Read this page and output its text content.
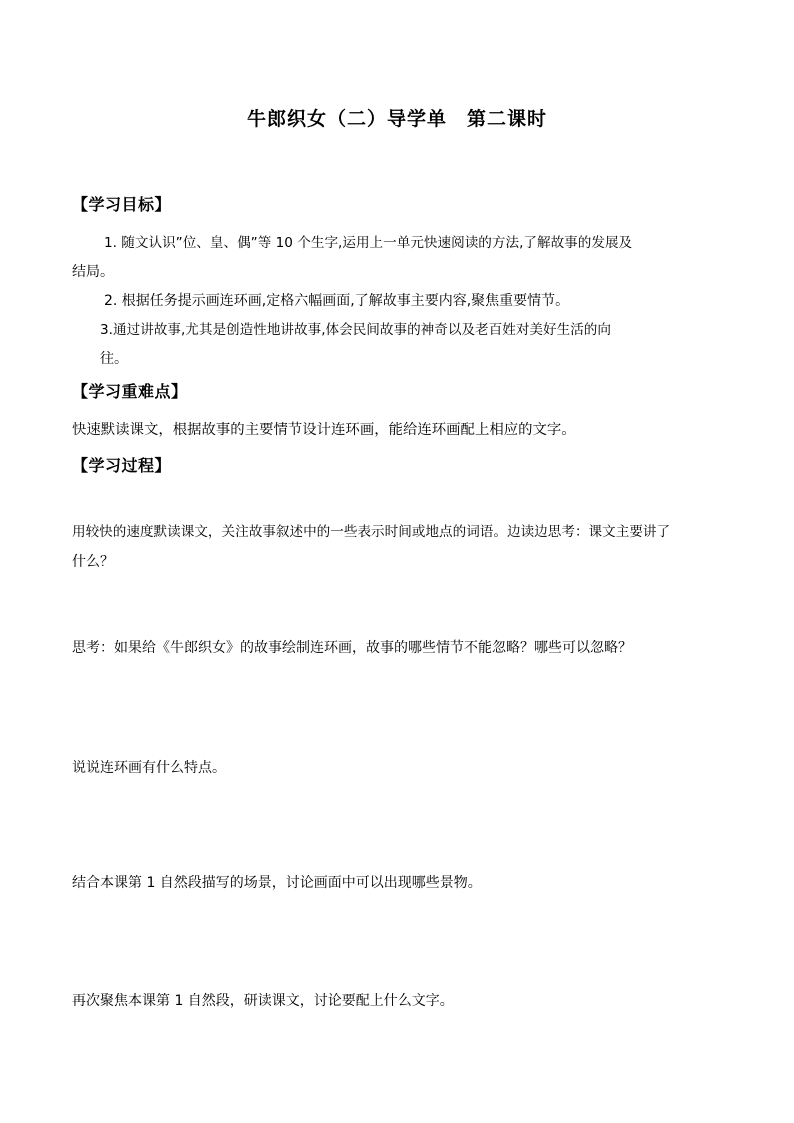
牛郎织女（二）导学单　第二课时
【学习目标】
1. 随文认识”位、皇、偶”等 10 个生字,运用上一单元快速阅读的方法,了解故事的发展及
结局。
2. 根据任务提示画连环画,定格六幅画面,了解故事主要内容,聚焦重要情节。
3.通过讲故事,尤其是创造性地讲故事,体会民间故事的神奇以及老百姓对美好生活的向
往。
【学习重难点】
快速默读课文，根据故事的主要情节设计连环画，能给连环画配上相应的文字。
【学习过程】
用较快的速度默读课文，关注故事叙述中的一些表示时间或地点的词语。边读边思考：课文主要讲了
什么？
思考：如果给《牛郎织女》的故事绘制连环画，故事的哪些情节不能忽略？哪些可以忽略？
说说连环画有什么特点。
结合本课第 1 自然段描写的场景，讨论画面中可以出现哪些景物。
再次聚焦本课第 1 自然段，研读课文，讨论要配上什么文字。
